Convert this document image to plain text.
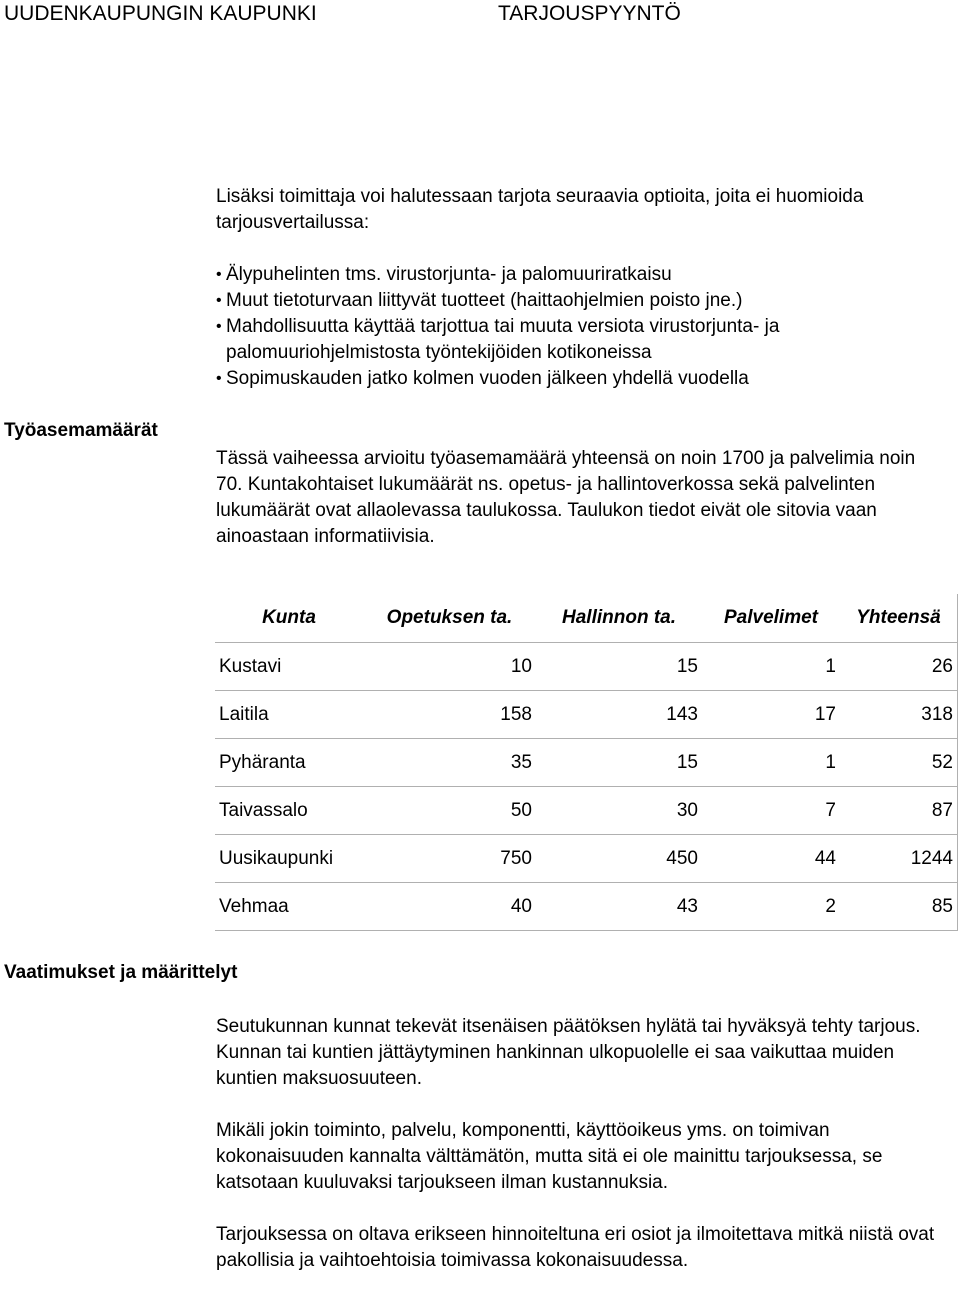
UUDENKAUPUNGIN KAUPUNKI	TARJOUSPYYNTÖ
Lisäksi toimittaja voi halutessaan tarjota seuraavia optioita, joita ei huomioida tarjousvertailussa:
• Älypuhelinten tms. virustorjunta- ja palomuuriratkaisu
• Muut tietoturvaan liittyvät tuotteet (haittaohjelmien poisto jne.)
• Mahdollisuutta käyttää tarjottua tai muuta versiota virustorjunta- ja palomuuriohjelmistosta työntekijöiden kotikoneissa
• Sopimuskauden jatko kolmen vuoden jälkeen yhdellä vuodella
Työasemamäärät
Tässä vaiheessa arvioitu työasemamäärä yhteensä on noin 1700 ja palvelimia noin 70. Kuntakohtaiset lukumäärät ns. opetus- ja hallintoverkossa sekä palvelinten lukumäärät ovat allaolevassa taulukossa. Taulukon tiedot eivät ole sitovia vaan ainoastaan informatiivisia.
Kunta	Opetuksen ta.	Hallinnon ta.	Palvelimet	Yhteensä
Kustavi	10	15	1	26
Laitila	158	143	17	318
Pyhäranta	35	15	1	52
Taivassalo	50	30	7	87
Uusikaupunki	750	450	44	1244
Vehmaa	40	43	2	85
Vaatimukset ja määrittelyt
Seutukunnan kunnat tekevät itsenäisen päätöksen hylätä tai hyväksyä tehty tarjous. Kunnan tai kuntien jättäytyminen hankinnan ulkopuolelle ei saa vaikuttaa muiden kuntien maksuosuuteen.
Mikäli jokin toiminto, palvelu, komponentti, käyttöoikeus yms. on toimivan kokonaisuuden kannalta välttämätön, mutta sitä ei ole mainittu tarjouksessa, se katsotaan kuuluvaksi tarjoukseen ilman kustannuksia.
Tarjouksessa on oltava erikseen hinnoiteltuna eri osiot ja ilmoitettava mitkä niistä ovat pakollisia ja vaihtoehtoisia toimivassa kokonaisuudessa.
